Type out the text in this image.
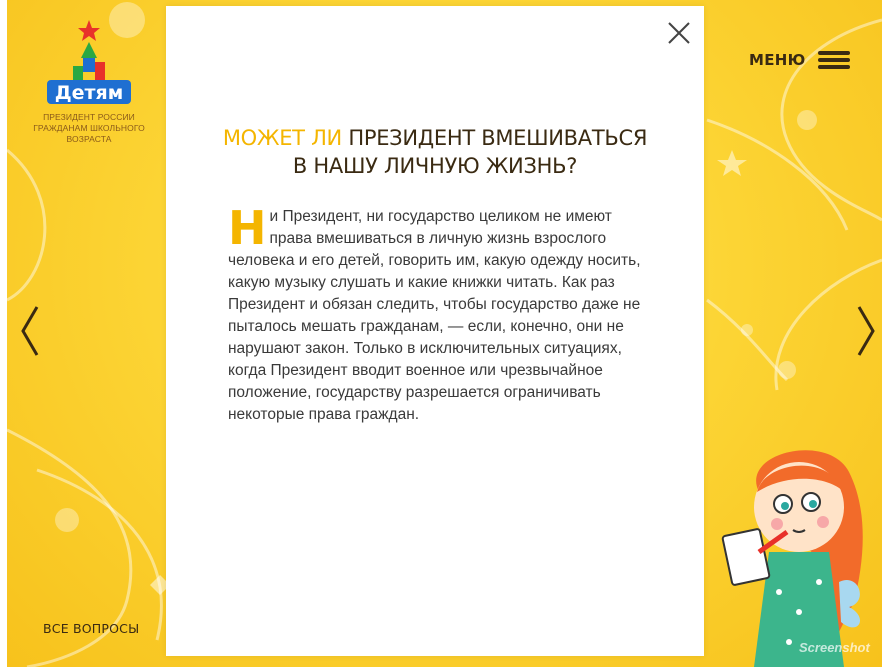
Детям
ПРЕЗИДЕНТ РОССИИ
ГРАЖДАНАМ ШКОЛЬНОГО
ВОЗРАСТА
МЕНЮ
ВСЕ ВОПРОСЫ
Screenshot
МОЖЕТ ЛИ ПРЕЗИДЕНТ ВМЕШИВАТЬСЯ
В НАШУ ЛИЧНУЮ ЖИЗНЬ?
Ни Президент, ни государство целиком не имеют права вмешиваться в личную жизнь взрослого человека и его детей, говорить им, какую одежду носить, какую музыку слушать и какие книжки читать. Как раз Президент и обязан следить, чтобы государство даже не пыталось мешать гражданам, — если, конечно, они не нарушают закон. Только в исключительных ситуациях, когда Президент вводит военное или чрезвычайное положение, государству разрешается ограничивать некоторые права граждан.
